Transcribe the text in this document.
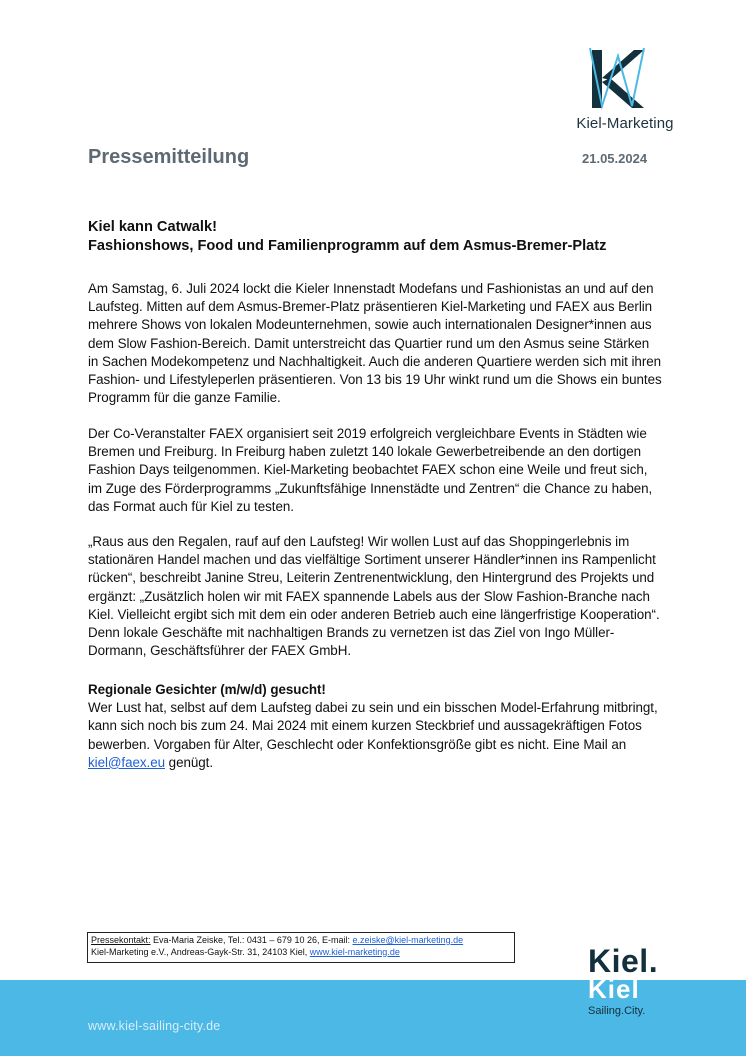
Kiel-Marketing
Pressemitteilung	21.05.2024
Kiel kann Catwalk!
Fashionshows, Food und Familienprogramm auf dem Asmus-Bremer-Platz
Am Samstag, 6. Juli 2024 lockt die Kieler Innenstadt Modefans und Fashionistas an und auf den Laufsteg. Mitten auf dem Asmus-Bremer-Platz präsentieren Kiel-Marketing und FAEX aus Berlin mehrere Shows von lokalen Modeunternehmen, sowie auch internationalen Designer*innen aus dem Slow Fashion-Bereich. Damit unterstreicht das Quartier rund um den Asmus seine Stärken in Sachen Modekompetenz und Nachhaltigkeit. Auch die anderen Quartiere werden sich mit ihren Fashion- und Lifestyleperlen präsentieren. Von 13 bis 19 Uhr winkt rund um die Shows ein buntes Programm für die ganze Familie.
Der Co-Veranstalter FAEX organisiert seit 2019 erfolgreich vergleichbare Events in Städten wie Bremen und Freiburg. In Freiburg haben zuletzt 140 lokale Gewerbetreibende an den dortigen Fashion Days teilgenommen. Kiel-Marketing beobachtet FAEX schon eine Weile und freut sich, im Zuge des Förderprogramms „Zukunftsfähige Innenstädte und Zentren“ die Chance zu haben, das Format auch für Kiel zu testen.
„Raus aus den Regalen, rauf auf den Laufsteg! Wir wollen Lust auf das Shoppingerlebnis im stationären Handel machen und das vielfältige Sortiment unserer Händler*innen ins Rampenlicht rücken“, beschreibt Janine Streu, Leiterin Zentrenentwicklung, den Hintergrund des Projekts und ergänzt: „Zusätzlich holen wir mit FAEX spannende Labels aus der Slow Fashion-Branche nach Kiel. Vielleicht ergibt sich mit dem ein oder anderen Betrieb auch eine längerfristige Kooperation“. Denn lokale Geschäfte mit nachhaltigen Brands zu vernetzen ist das Ziel von Ingo Müller-Dormann, Geschäftsführer der FAEX GmbH.
Regionale Gesichter (m/w/d) gesucht!
Wer Lust hat, selbst auf dem Laufsteg dabei zu sein und ein bisschen Model-Erfahrung mitbringt, kann sich noch bis zum 24. Mai 2024 mit einem kurzen Steckbrief und aussagekräftigen Fotos bewerben. Vorgaben für Alter, Geschlecht oder Konfektionsgröße gibt es nicht. Eine Mail an kiel@faex.eu genügt.
Pressekontakt: Eva-Maria Zeiske, Tel.: 0431 – 679 10 26, E-mail: e.zeiske@kiel-marketing.de
Kiel-Marketing e.V., Andreas-Gayk-Str. 31, 24103 Kiel, www.kiel-marketing.de
www.kiel-sailing-city.de
Kiel.
Kiel
Sailing.City.
